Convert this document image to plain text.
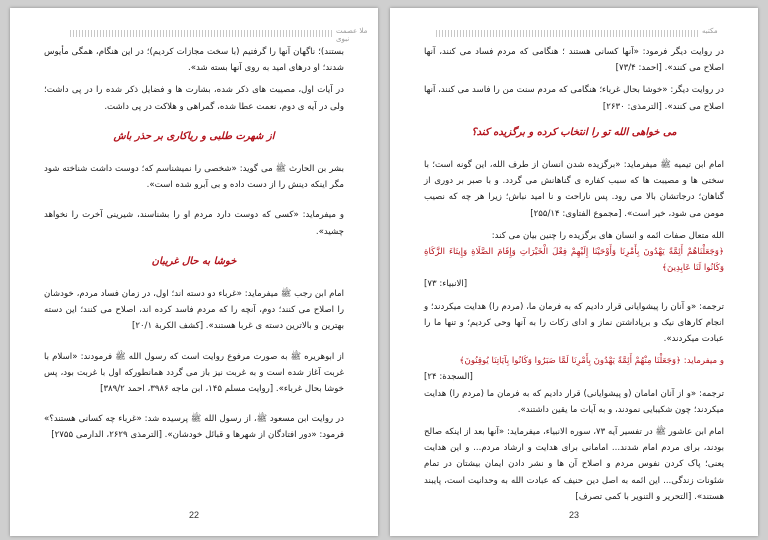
ملا عصمت نبوی

بستند)؛ ناگهان آنها را گرفتیم (با سخت مجازات کردیم)؛ در این هنگام، همگی مأیوس شدند؛ او درهای امید به روی آنها بسته شد».

در آیات اول، مصیبت های ذکر شده، بشارت ها و فضایل ذکر شده را در پی داشت؛ ولی در آیه ی دوم، نعمت عطا شده، گمراهی و هلاکت در پی داشت.

از شهرت طلبی و ریاکاری بر حذر باش

بشر بن الحارث ﷺ می گوید: «شخصی را نمیشناسم که؛ دوست داشت شناخته شود مگر اینکه دینش را از دست داده و بی آبرو شده است».

و میفرماید: «کسی که دوست دارد مردم او را بشناسند، شیرینی آخرت را نخواهد چشید».

خوشا به حال غریبان

امام ابن رجب ﷺ میفرماید: «غرباء دو دسته اند؛ اول، در زمان فساد مردم، خودشان را اصلاح می کنند؛ دوم، آنچه را که مردم فاسد کرده اند، اصلاح می کنند؛ این دسته بهترین و بالاترین دسته ی غربا هستند». [کشف الکربة ۲۰/۱]

از ابوهریره ﷺ به صورت مرفوع روایت است که رسول الله ﷺ فرمودند: «اسلام با غربت آغاز شده است و به غربت نیز باز می گردد همانطورکه اول با غربت بود، پس خوشا بحال غرباء». [روایت مسلم ۱۴۵، ابن ماجه ۳۹۸۶، احمد ۳۸۹/۲]

در روایت ابن مسعود ﷺ، از رسول الله ﷺ پرسیده شد: «غرباء چه کسانی هستند؟» فرمود: «دور افتادگان از شهرها و قبائل خودشان». [الترمذی ۲۶۲۹، الدارمی ۲۷۵۵]

22
مکتبه

در روایت دیگر فرمود: «آنها کسانی هستند ؛ هنگامی که مردم فساد می کنند، آنها اصلاح می کنند». [احمد: ۷۳/۴]

در روایت دیگر: «خوشا بحال غرباء؛ هنگامی که مردم سنت من را فاسد می کنند، آنها اصلاح می کنند». [الترمذی: ۲۶۳۰]

می خواهی الله تو را انتخاب کرده و برگزیده کند؟

امام ابن تیمیه ﷺ میفرماید: «برگزیده شدن انسان از طرف الله، این گونه است؛ با سختی ها و مصیبت ها که سبب کفاره ی گناهانش می گردد. و با صبر بر دوری از گناهان؛ درجاتشان بالا می رود. پس ناراحت و نا امید نباش؛ زیرا هر چه که نصیب مومن می شود، خیر است». [مجموع الفتاوی: ۲۵۵/۱۴]

الله متعال صفات ائمه و انسان های برگزیده را چنین بیان می کند:

﴿وَجَعَلْنَاهُمْ أَئِمَّةً يَهْدُونَ بِأَمْرِنَا وَأَوْحَيْنَا إِلَيْهِمْ فِعْلَ الْخَيْرَاتِ وَإِقَامَ الصَّلَاةِ وَإِيتَاءَ الزَّكَاةِ وَكَانُوا لَنَا عَابِدِينَ﴾

[الانبیاء: ۷۳]

ترجمه: «و آنان را پیشوایانی قرار دادیم که به فرمان ما، (مردم را) هدایت میکردند؛ و انجام کارهای نیک و برپاداشتن نماز و ادای زکات را به آنها وحی کردیم؛ و تنها ما را عبادت میکردند».

و میفرماید: ﴿وَجَعَلْنَا مِنْهُمْ أَئِمَّةً يَهْدُونَ بِأَمْرِنَا لَمَّا صَبَرُوا وَكَانُوا بِآيَاتِنَا يُوقِنُونَ﴾

[السجدة: ۲۴]

ترجمه: «و از آنان امامان (و پیشوایانی) قرار دادیم که به فرمان ما (مردم را) هدایت میکردند؛ چون شکیبایی نمودند، و به آیات ما یقین داشتند».

امام ابن عاشور ﷺ در تفسیر آیه ۷۳، سوره الانبیاء، میفرماید: «آنها بعد از اینکه صالح بودند، برای مردم امام شدند... امامانی برای هدایت و ارشاد مردم... و این هدایت یعنی؛ پاک کردن نفوس مردم و اصلاح آن ها و نشر دادن ایمان بیشتان در تمام شئونات زندگی... این ائمه به اصل دین حنیف که عبادت الله به وحدانیت است، پایبند هستند». [التحریر و التنویر با کمی تصرف]

23
